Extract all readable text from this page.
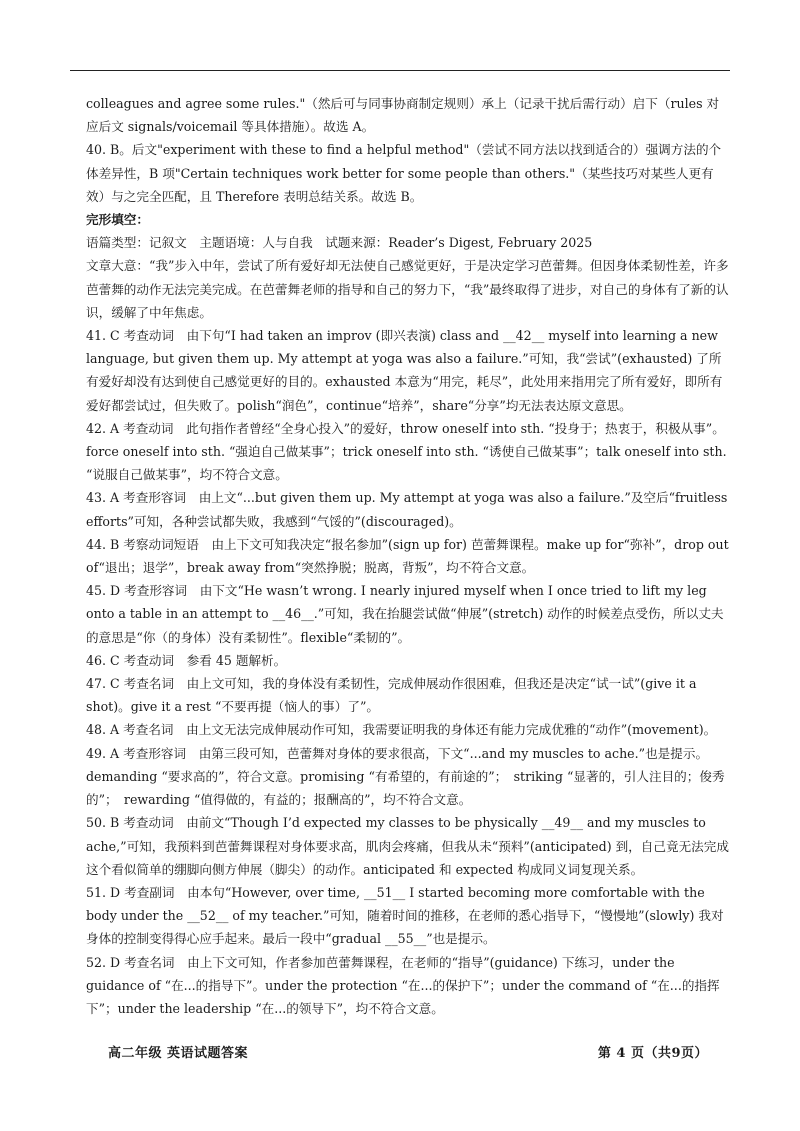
colleagues and agree some rules."（然后可与同事协商制定规则）承上（记录干扰后需行动）启下（rules 对应后文 signals/voicemail 等具体措施）。故选 A。

40. B。后文"experiment with these to find a helpful method"（尝试不同方法以找到适合的）强调方法的个体差异性，B 项"Certain techniques work better for some people than others."（某些技巧对某些人更有效）与之完全匹配，且 Therefore 表明总结关系。故选 B。

完形填空：

语篇类型：记叙文　主题语境：人与自我　试题来源：Reader’s Digest, February 2025

文章大意：“我”步入中年，尝试了所有爱好却无法使自己感觉更好，于是决定学习芭蕾舞。但因身体柔韧性差，许多芭蕾舞的动作无法完美完成。在芭蕾舞老师的指导和自己的努力下，“我”最终取得了进步，对自己的身体有了新的认识，缓解了中年焦虑。

41. C 考查动词　由下句“I had taken an improv (即兴表演) class and __42__ myself into learning a new language, but given them up. My attempt at yoga was also a failure.”可知，我“尝试”(exhausted) 了所有爱好却没有达到使自己感觉更好的目的。exhausted 本意为“用完，耗尽”，此处用来指用完了所有爱好，即所有爱好都尝试过，但失败了。polish“润色”，continue“培养”，share“分享”均无法表达原文意思。

42. A 考查动词　此句指作者曾经“全身心投入”的爱好，throw oneself into sth. “投身于；热衷于，积极从事”。force oneself into sth. “强迫自己做某事”；trick oneself into sth. “诱使自己做某事”；talk oneself into sth. “说服自己做某事”，均不符合文意。

43. A 考查形容词　由上文“...but given them up. My attempt at yoga was also a failure.”及空后“fruitless efforts”可知，各种尝试都失败，我感到“气馁的”(discouraged)。

44. B 考察动词短语　由上下文可知我决定“报名参加”(sign up for) 芭蕾舞课程。make up for“弥补”，drop out of“退出；退学”，break away from“突然挣脱；脱离，背叛”，均不符合文意。

45. D 考查形容词　由下文“He wasn’t wrong. I nearly injured myself when I once tried to lift my leg onto a table in an attempt to __46__.”可知，我在抬腿尝试做“伸展”(stretch) 动作的时候差点受伤，所以丈夫的意思是“你（的身体）没有柔韧性”。flexible“柔韧的”。

46. C 考查动词　参看 45 题解析。

47. C 考查名词　由上文可知，我的身体没有柔韧性，完成伸展动作很困难，但我还是决定“试一试”(give it a shot)。give it a rest “不要再提（恼人的事）了”。

48. A 考查名词　由上文无法完成伸展动作可知，我需要证明我的身体还有能力完成优雅的“动作”(movement)。

49. A 考查形容词　由第三段可知，芭蕾舞对身体的要求很高，下文“...and my muscles to ache.”也是提示。demanding “要求高的”，符合文意。promising “有希望的，有前途的”；　striking “显著的，引人注目的；俊秀的”；　rewarding “值得做的，有益的；报酬高的”，均不符合文意。

50. B 考查动词　由前文“Though I’d expected my classes to be physically __49__ and my muscles to ache,”可知，我预料到芭蕾舞课程对身体要求高，肌肉会疼痛，但我从未“预料”(anticipated) 到，自己竟无法完成这个看似简单的绷脚向侧方伸展（脚尖）的动作。anticipated 和 expected 构成同义词复现关系。

51. D 考查副词　由本句“However, over time, __51__ I started becoming more comfortable with the body under the __52__ of my teacher.”可知，随着时间的推移，在老师的悉心指导下，“慢慢地”(slowly) 我对身体的控制变得得心应手起来。最后一段中“gradual __55__”也是提示。

52. D 考查名词　由上下文可知，作者参加芭蕾舞课程，在老师的“指导”(guidance) 下练习，under the guidance of “在...的指导下”。under the protection “在...的保护下”；under the command of “在...的指挥下”；under the leadership “在...的领导下”，均不符合文意。

高二年级 英语试题答案	第 4 页（共9页）
